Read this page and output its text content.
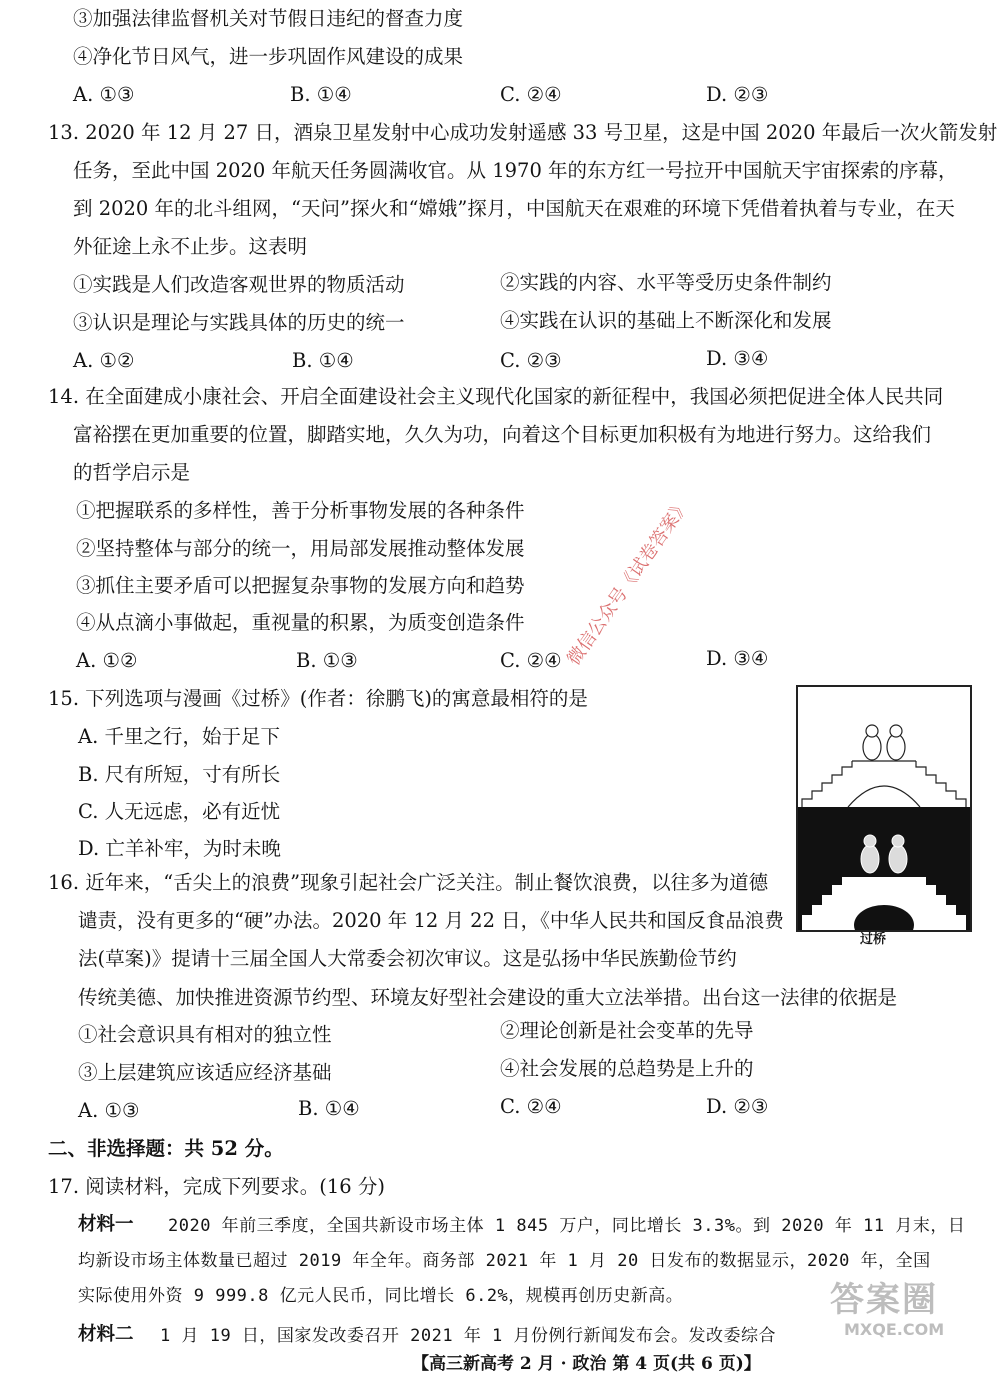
③加强法律监督机关对节假日违纪的督查力度
④净化节日风气，进一步巩固作风建设的成果
A. ①③	B. ①④	C. ②④	D. ②③
13. 2020 年 12 月 27 日，酒泉卫星发射中心成功发射遥感 33 号卫星，这是中国 2020 年最后一次火箭发射
任务，至此中国 2020 年航天任务圆满收官。从 1970 年的东方红一号拉开中国航天宇宙探索的序幕，
到 2020 年的北斗组网，“天问”探火和“嫦娥”探月，中国航天在艰难的环境下凭借着执着与专业，在天
外征途上永不止步。这表明
①实践是人们改造客观世界的物质活动	②实践的内容、水平等受历史条件制约
③认识是理论与实践具体的历史的统一	④实践在认识的基础上不断深化和发展
A. ①②	B. ①④	C. ②③	D. ③④
14. 在全面建成小康社会、开启全面建设社会主义现代化国家的新征程中，我国必须把促进全体人民共同
富裕摆在更加重要的位置，脚踏实地，久久为功，向着这个目标更加积极有为地进行努力。这给我们
的哲学启示是
①把握联系的多样性，善于分析事物发展的各种条件
②坚持整体与部分的统一，用局部发展推动整体发展
③抓住主要矛盾可以把握复杂事物的发展方向和趋势
④从点滴小事做起，重视量的积累，为质变创造条件
A. ①②	B. ①③	C. ②④	D. ③④
微信公众号《试卷答案》
15. 下列选项与漫画《过桥》(作者：徐鹏飞)的寓意最相符的是
A. 千里之行，始于足下
B. 尺有所短，寸有所长
C. 人无远虑，必有近忧
D. 亡羊补牢，为时未晚
过桥
16. 近年来，“舌尖上的浪费”现象引起社会广泛关注。制止餐饮浪费，以往多为道德
谴责，没有更多的“硬”办法。2020 年 12 月 22 日，《中华人民共和国反食品浪费
法(草案)》提请十三届全国人大常委会初次审议。这是弘扬中华民族勤俭节约
传统美德、加快推进资源节约型、环境友好型社会建设的重大立法举措。出台这一法律的依据是
①社会意识具有相对的独立性	②理论创新是社会变革的先导
③上层建筑应该适应经济基础	④社会发展的总趋势是上升的
A. ①③	B. ①④	C. ②④	D. ②③
二、非选择题：共 52 分。
17. 阅读材料，完成下列要求。(16 分)
材料一 2020 年前三季度，全国共新设市场主体 1 845 万户，同比增长 3.3%。到 2020 年 11 月末，日
均新设市场主体数量已超过 2019 年全年。商务部 2021 年 1 月 20 日发布的数据显示，2020 年，全国
实际使用外资 9 999.8 亿元人民币，同比增长 6.2%，规模再创历史新高。
材料二 1 月 19 日，国家发改委召开 2021 年 1 月份例行新闻发布会。发改委综合
答案圈
MXQE.COM
【高三新高考 2 月 · 政治 第 4 页(共 6 页)】
